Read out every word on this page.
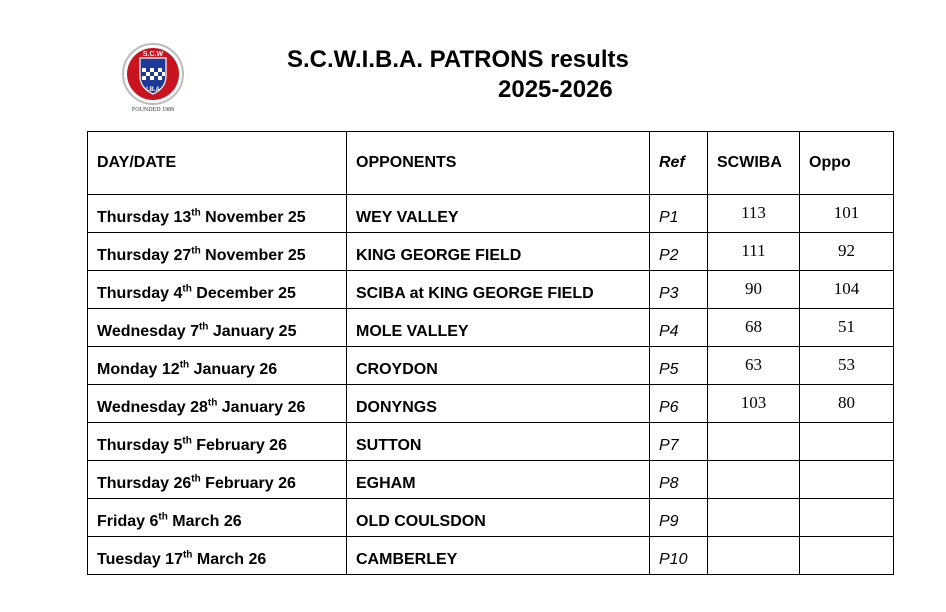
S.C.W
I.B.A
FOUNDED 1989
S.C.W.I.B.A. PATRONS results
2025-2026
DAY/DATE	OPPONENTS	Ref	SCWIBA	Oppo

Thursday 13th November 25	WEY VALLEY	P1	113	101

Thursday 27th November 25	KING GEORGE FIELD	P2	111	92

Thursday 4th December 25	SCIBA at KING GEORGE FIELD	P3	90	104

Wednesday 7th January 25	MOLE VALLEY	P4	68	51

Monday 12th January 26	CROYDON	P5	63	53

Wednesday 28th January 26	DONYNGS	P6	103	80

Thursday 5th February 26	SUTTON	P7		

Thursday 26th February 26	EGHAM	P8		

Friday 6th March 26	OLD COULSDON	P9		

Tuesday 17th March 26	CAMBERLEY	P10		
